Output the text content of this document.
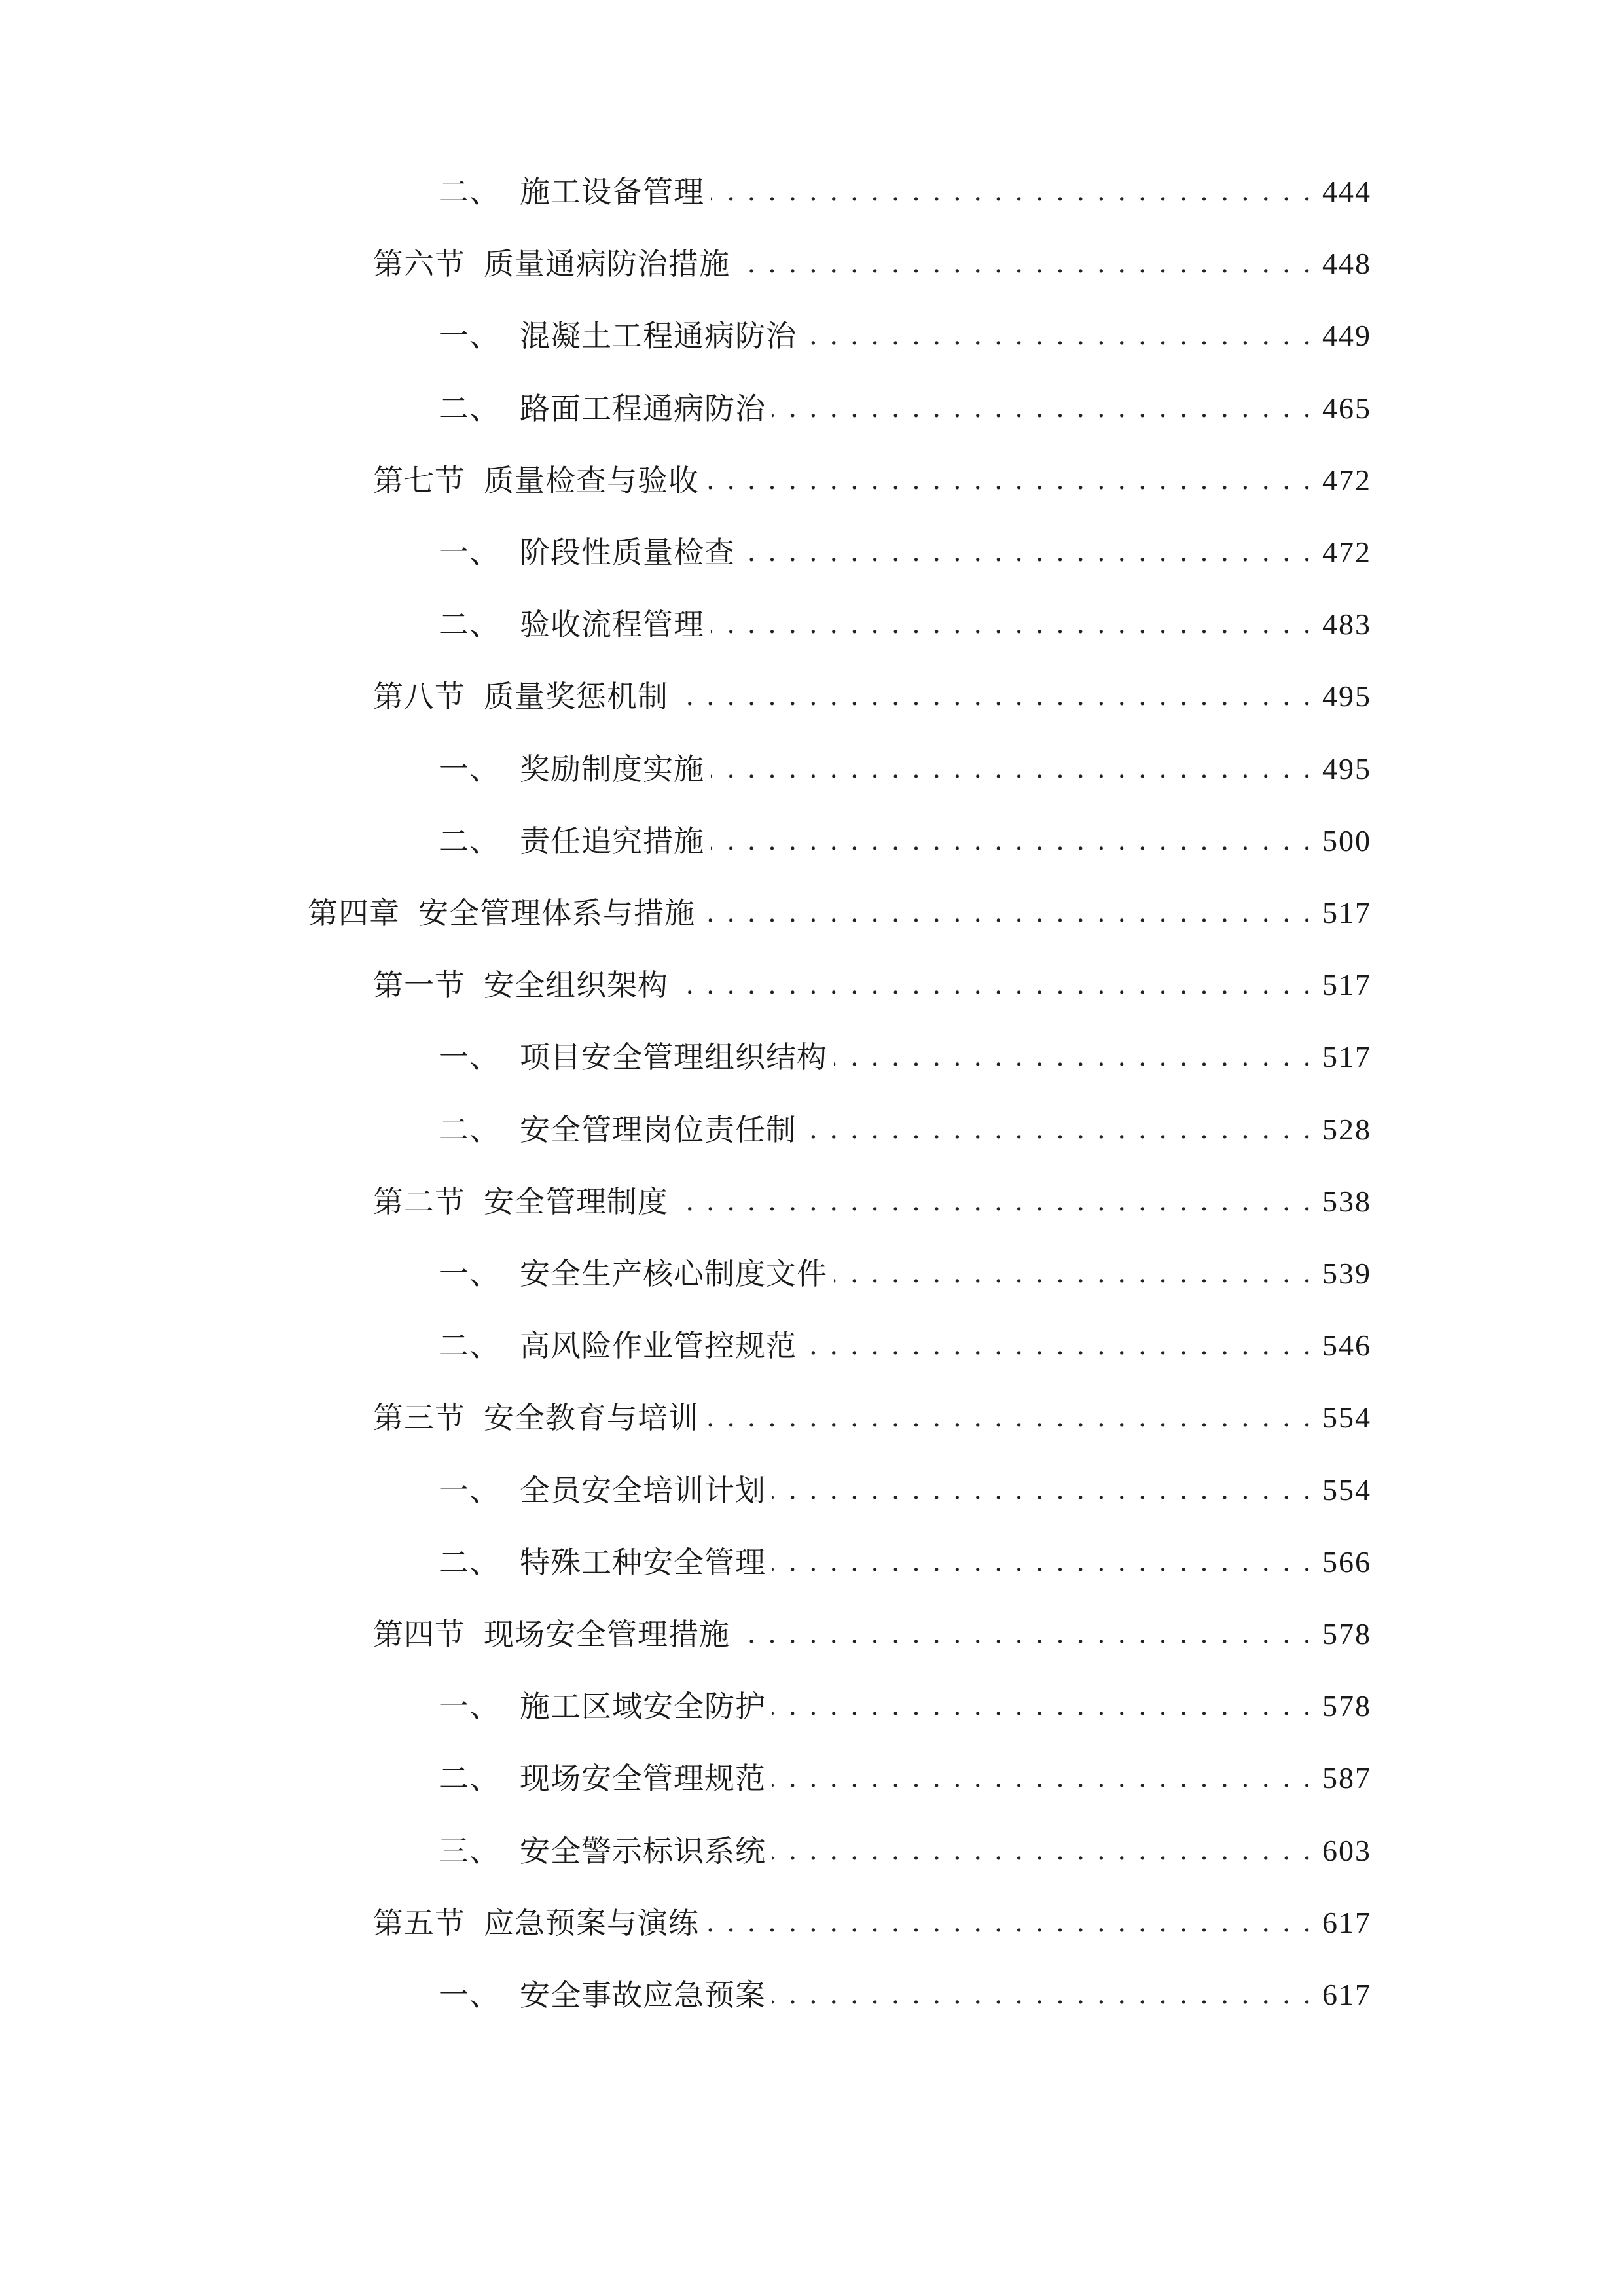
二、 施工设备管理 . . .	444
第六节 质量通病防治措施 . . .	448
一、 混凝土工程通病防治 . . .	449
二、 路面工程通病防治 . . .	465
第七节 质量检查与验收 . . .	472
一、 阶段性质量检查 . . .	472
二、 验收流程管理 . . .	483
第八节 质量奖惩机制 . . .	495
一、 奖励制度实施 . . .	495
二、 责任追究措施 . . .	500
第四章 安全管理体系与措施 . . .	517
第一节 安全组织架构 . . .	517
一、 项目安全管理组织结构 . . .	517
二、 安全管理岗位责任制 . . .	528
第二节 安全管理制度 . . .	538
一、 安全生产核心制度文件 . . .	539
二、 高风险作业管控规范 . . .	546
第三节 安全教育与培训 . . .	554
一、 全员安全培训计划 . . .	554
二、 特殊工种安全管理 . . .	566
第四节 现场安全管理措施 . . .	578
一、 施工区域安全防护 . . .	578
二、 现场安全管理规范 . . .	587
三、 安全警示标识系统 . . .	603
第五节 应急预案与演练 . . .	617
一、 安全事故应急预案 . . .	617
